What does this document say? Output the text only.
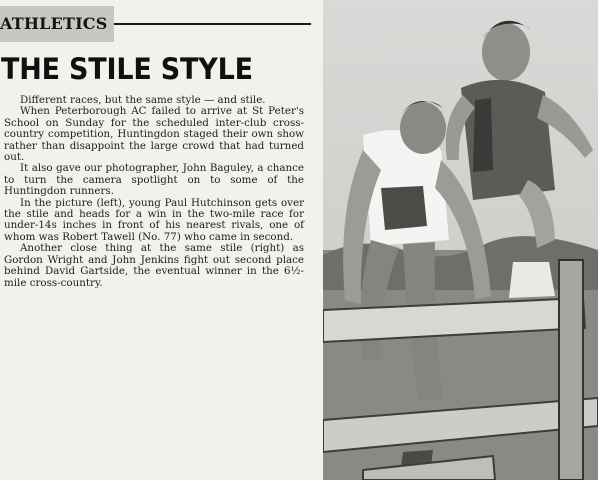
ATHLETICS
THE STILE STYLE

Different races, but the same style — and stile.

When Peterborough AC failed to arrive at St Peter's School on Sunday for the scheduled inter-club cross-country competition, Huntingdon staged their own show rather than disappoint the large crowd that had turned out.

It also gave our photographer, John Baguley, a chance to turn the camera spotlight on to some of the Huntingdon runners.

In the picture (left), young Paul Hutchinson gets over the stile and heads for a win in the two-mile race for under-14s inches in front of his nearest rivals, one of whom was Robert Tawell (No. 77) who came in second.

Another close thing at the same stile (right) as Gordon Wright and John Jenkins fight out second place behind David Gartside, the eventual winner in the 6½-mile cross-country.
